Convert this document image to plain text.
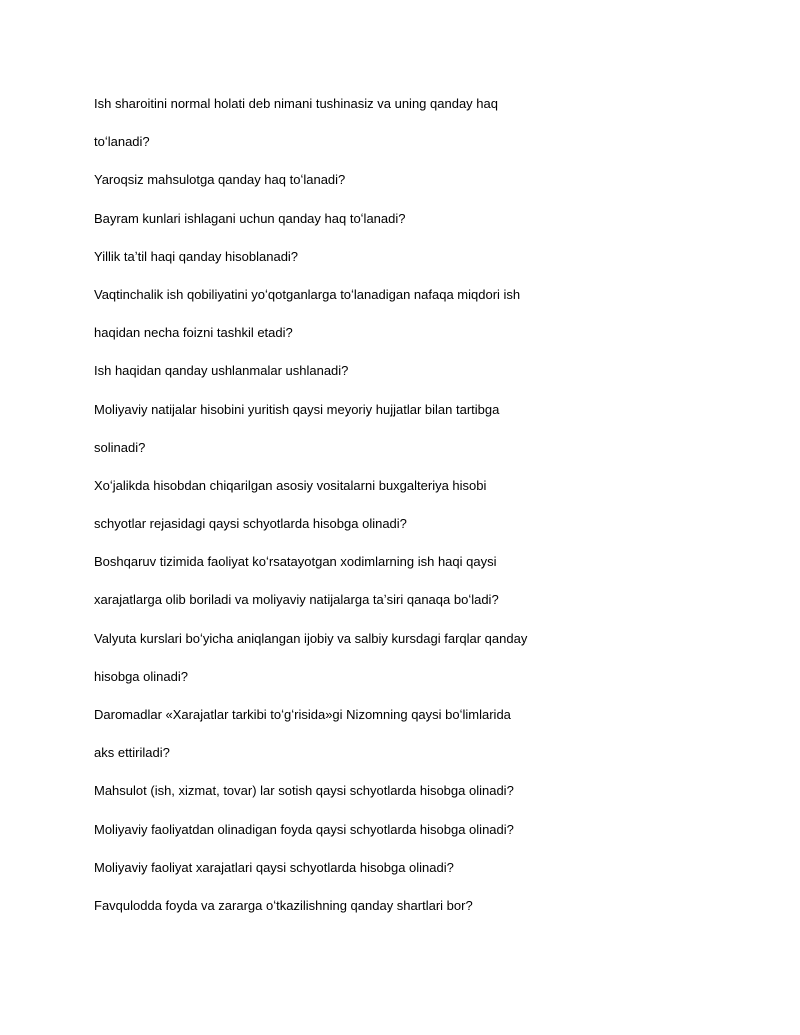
Ish sharoitini normal holati deb nimani tushinasiz va uning qanday haq
toʻlanadi?
Yaroqsiz mahsulotga qanday haq toʻlanadi?
Bayram kunlari ishlagani uchun qanday haq toʻlanadi?
Yillik taʼtil haqi qanday hisoblanadi?
Vaqtinchalik ish qobiliyatini yoʻqotganlarga toʻlanadigan nafaqa miqdori ish
haqidan necha foizni tashkil etadi?
Ish haqidan qanday ushlanmalar ushlanadi?
Moliyaviy natijalar hisobini yuritish qaysi meyoriy hujjatlar bilan tartibga
solinadi?
Xoʻjalikda hisobdan chiqarilgan asosiy vositalarni buxgalteriya hisobi
schyotlar rejasidagi qaysi schyotlarda hisobga olinadi?
Boshqaruv tizimida faoliyat koʻrsatayotgan xodimlarning ish haqi qaysi
xarajatlarga olib boriladi va moliyaviy natijalarga taʼsiri qanaqa boʻladi?
Valyuta kurslari boʻyicha aniqlangan ijobiy va salbiy kursdagi farqlar qanday
hisobga olinadi?
Daromadlar «Xarajatlar tarkibi toʻgʻrisida»gi Nizomning qaysi boʻlimlarida
aks ettiriladi?
Mahsulot (ish, xizmat, tovar) lar sotish qaysi schyotlarda hisobga olinadi?
Moliyaviy faoliyatdan olinadigan foyda qaysi schyotlarda hisobga olinadi?
Moliyaviy faoliyat xarajatlari qaysi schyotlarda hisobga olinadi?
Favqulodda foyda va zararga oʻtkazilishning qanday shartlari bor?
